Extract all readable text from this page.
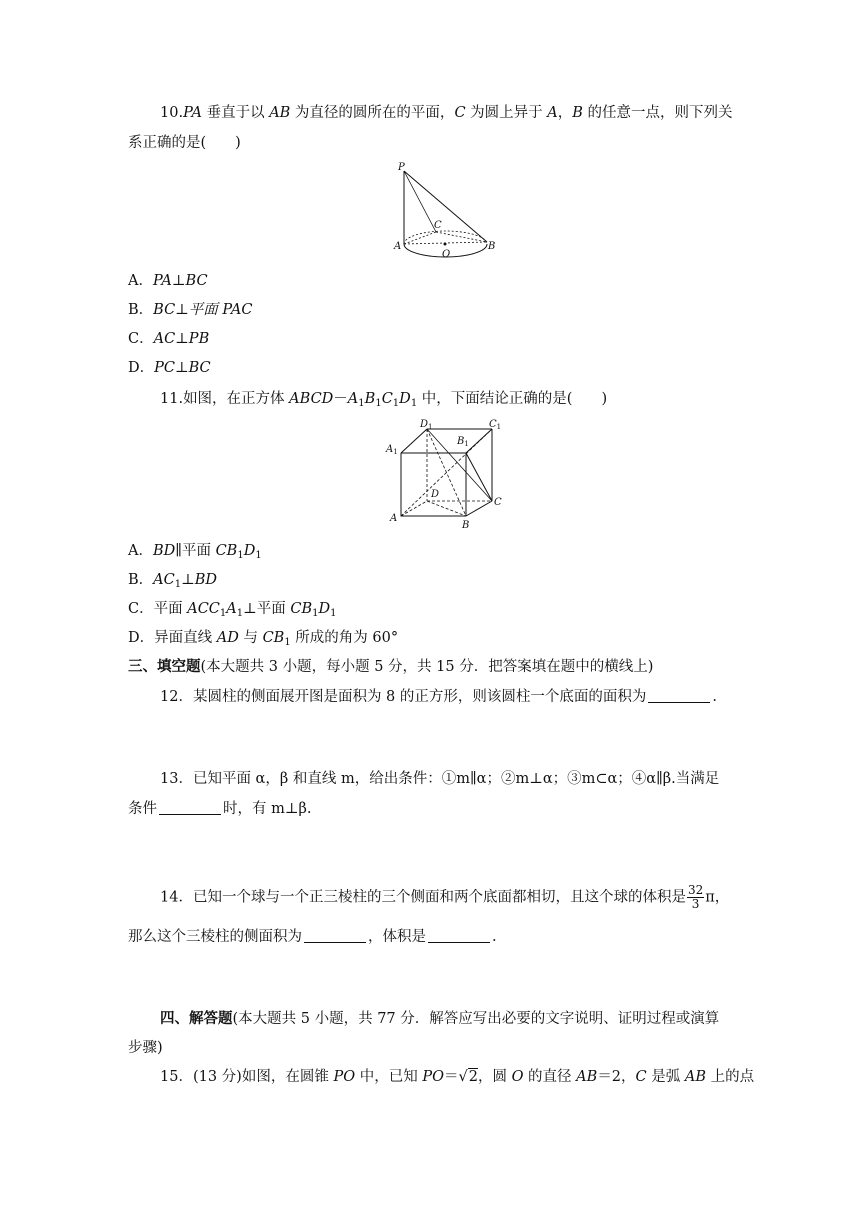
10.PA 垂直于以 AB 为直径的圆所在的平面，C 为圆上异于 A，B 的任意一点，则下列关
系正确的是(　　)
P
C
A
O
B
A．PA⊥BC
B．BC⊥平面 PAC
C．AC⊥PB
D．PC⊥BC
11.如图，在正方体 $ABCD-A_1B_1C_1D_1$ 中，下面结论正确的是(　　)
$D_1$
$B_1$
$C_1$
$A_1$
D
C
A
B
A．BD∥平面 $CB_1D_1$
B．$AC_1\perp BD$
C．平面 $ACC_1A_1\perp$平面 $CB_1D_1$
D．异面直线 AD 与 $CB_1$ 所成的角为 60°
三、填空题(本大题共 3 小题，每小题 5 分，共 15 分．把答案填在题中的横线上)
12．某圆柱的侧面展开图是面积为 8 的正方形，则该圆柱一个底面的面积为	.
13．已知平面 α，β 和直线 m，给出条件：①m∥α；②m⊥α；③m⊂α；④α∥β.当满足
条件	时，有 m⊥β.
14．已知一个球与一个正三棱柱的三个侧面和两个底面都相切，且这个球的体积是 $\frac{32}{3}$ π，
那么这个三棱柱的侧面积为	，体积是	.
四、解答题(本大题共 5 小题，共 77 分．解答应写出必要的文字说明、证明过程或演算
步骤)
15．(13 分)如图，在圆锥 PO 中，已知 PO＝√2，圆 O 的直径 AB＝2，C 是弧 AB 上的点
